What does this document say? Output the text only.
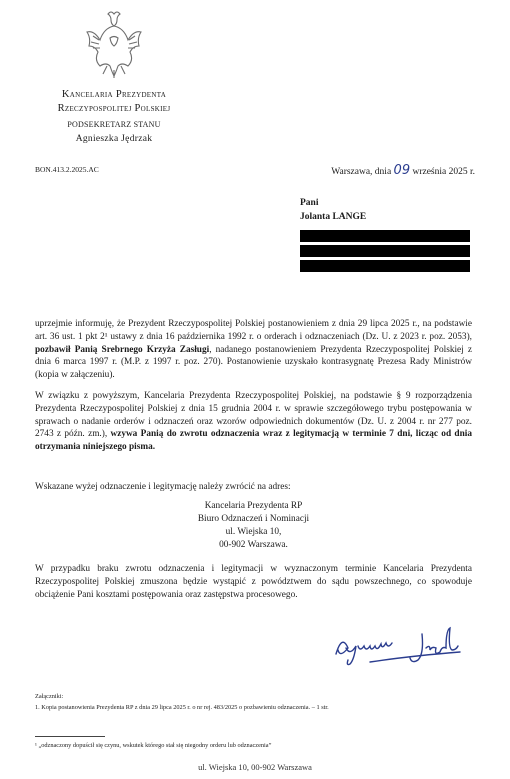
Kancelaria Prezydenta
Rzeczypospolitej Polskiej
PODSEKRETARZ STANU
Agnieszka Jędrzak
BON.413.2.2025.AC	Warszawa, dnia 09 września 2025 r.
Pani
Jolanta LANGE
uprzejmie informuję, że Prezydent Rzeczypospolitej Polskiej postanowieniem z dnia 29 lipca 2025 r., na podstawie art. 36 ust. 1 pkt 2¹ ustawy z dnia 16 października 1992 r. o orderach i odznaczeniach (Dz. U. z 2023 r. poz. 2053), pozbawił Panią Srebrnego Krzyża Zasługi, nadanego postanowieniem Prezydenta Rzeczypospolitej Polskiej z dnia 6 marca 1997 r. (M.P. z 1997 r. poz. 270). Postanowienie uzyskało kontrasygnatę Prezesa Rady Ministrów (kopia w załączeniu).
W związku z powyższym, Kancelaria Prezydenta Rzeczypospolitej Polskiej, na podstawie § 9 rozporządzenia Prezydenta Rzeczypospolitej Polskiej z dnia 15 grudnia 2004 r. w sprawie szczegółowego trybu postępowania w sprawach o nadanie orderów i odznaczeń oraz wzorów odpowiednich dokumentów (Dz. U. z 2004 r. nr 277 poz. 2743 z późn. zm.), wzywa Panią do zwrotu odznaczenia wraz z legitymacją w terminie 7 dni, licząc od dnia otrzymania niniejszego pisma.
Wskazane wyżej odznaczenie i legitymację należy zwrócić na adres:
Kancelaria Prezydenta RP
Biuro Odznaczeń i Nominacji
ul. Wiejska 10,
00-902 Warszawa.
W przypadku braku zwrotu odznaczenia i legitymacji w wyznaczonym terminie Kancelaria Prezydenta Rzeczypospolitej Polskiej zmuszona będzie wystąpić z powództwem do sądu powszechnego, co spowoduje obciążenie Pani kosztami postępowania oraz zastępstwa procesowego.
Załączniki:
1. Kopia postanowienia Prezydenta RP z dnia 29 lipca 2025 r. o nr rej. 483/2025 o pozbawieniu odznaczenia. – 1 str.
¹ „odznaczony dopuścił się czynu, wskutek którego stał się niegodny orderu lub odznaczenia”
ul. Wiejska 10, 00-902 Warszawa
